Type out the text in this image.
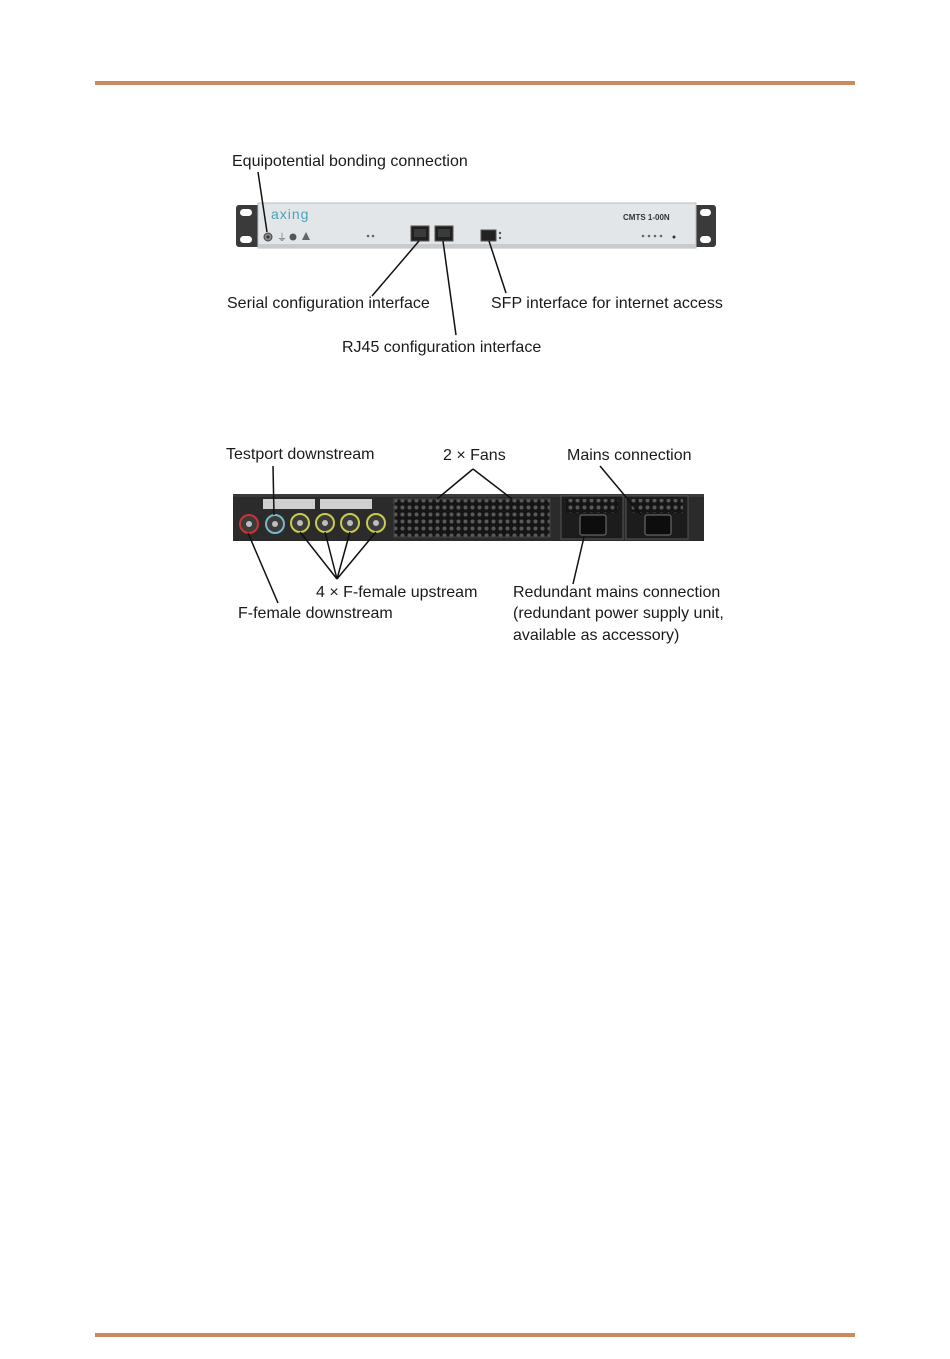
⏚
axing	CMTS 1-00N
Equipotential bonding connection
Serial configuration interface	SFP interface for internet access
RJ45 configuration interface
Testport downstream	2 × Fans	Mains connection
4 × F-female upstream
F-female downstream
Redundant mains connection
(redundant power supply unit,
available as accessory)
